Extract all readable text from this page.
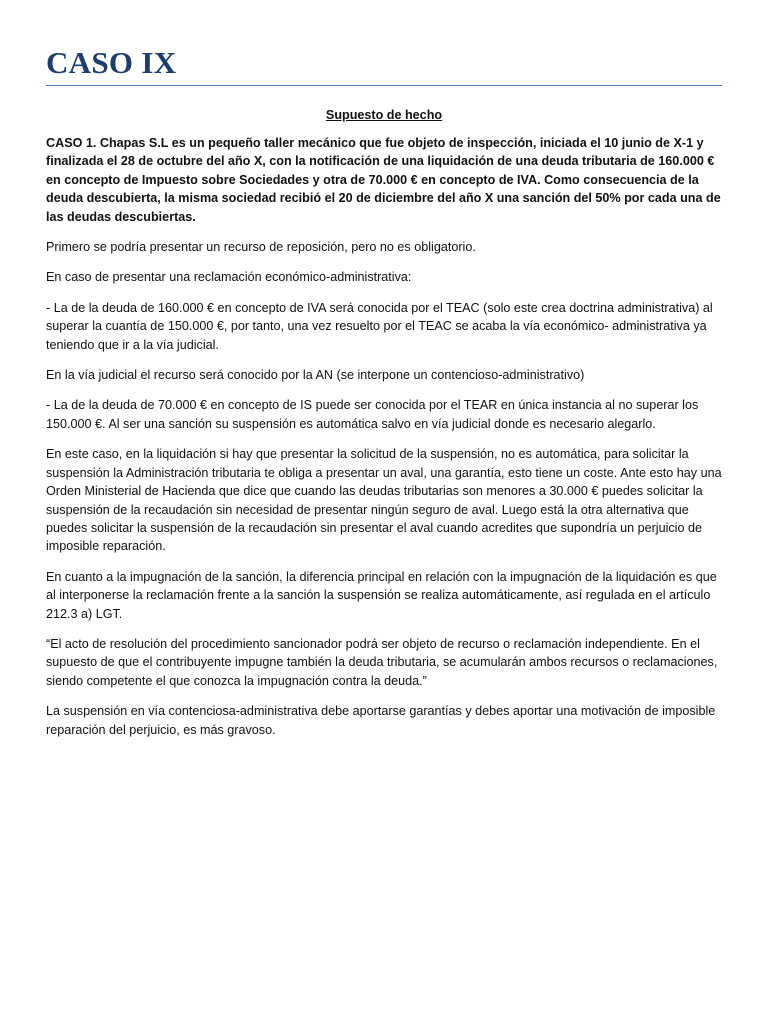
CASO IX

Supuesto de hecho

CASO 1. Chapas S.L es un pequeño taller mecánico que fue objeto de inspección, iniciada el 10 junio de X-1 y finalizada el 28 de octubre del año X, con la notificación de una liquidación de una deuda tributaria de 160.000 € en concepto de Impuesto sobre Sociedades y otra de 70.000 € en concepto de IVA. Como consecuencia de la deuda descubierta, la misma sociedad recibió el 20 de diciembre del año X una sanción del 50% por cada una de las deudas descubiertas.

Primero se podría presentar un recurso de reposición, pero no es obligatorio.

En caso de presentar una reclamación económico-administrativa:

- La de la deuda de 160.000 € en concepto de IVA será conocida por el TEAC (solo este crea doctrina administrativa) al superar la cuantía de 150.000 €, por tanto, una vez resuelto por el TEAC se acaba la vía económico- administrativa ya teniendo que ir a la vía judicial.

En la vía judicial el recurso será conocido por la AN (se interpone un contencioso-administrativo)

- La de la deuda de 70.000 € en concepto de IS puede ser conocida por el TEAR en única instancia al no superar los 150.000 €. Al ser una sanción su suspensión es automática salvo en vía judicial donde es necesario alegarlo.

En este caso, en la liquidación si hay que presentar la solicitud de la suspensión, no es automática, para solicitar la suspensión la Administración tributaria te obliga a presentar un aval, una garantía, esto tiene un coste. Ante esto hay una Orden Ministerial de Hacienda que dice que cuando las deudas tributarias son menores a 30.000 € puedes solicitar la suspensión de la recaudación sin necesidad de presentar ningún seguro de aval. Luego está la otra alternativa que puedes solicitar la suspensión de la recaudación sin presentar el aval cuando acredites que supondría un perjuicio de imposible reparación.

En cuanto a la impugnación de la sanción, la diferencia principal en relación con la impugnación de la liquidación es que al interponerse la reclamación frente a la sanción la suspensión se realiza automáticamente, así regulada en el artículo 212.3 a) LGT.

“El acto de resolución del procedimiento sancionador podrá ser objeto de recurso o reclamación independiente. En el supuesto de que el contribuyente impugne también la deuda tributaria, se acumularán ambos recursos o reclamaciones, siendo competente el que conozca la impugnación contra la deuda.”

La suspensión en vía contenciosa-administrativa debe aportarse garantías y debes aportar una motivación de imposible reparación del perjuicio, es más gravoso.
